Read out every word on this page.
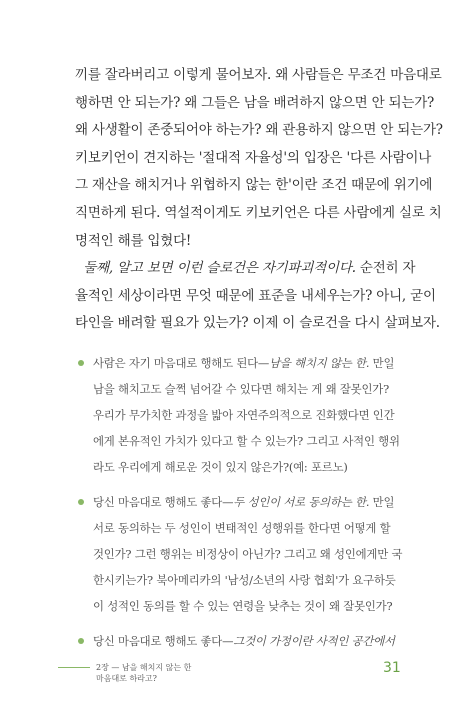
끼를 잘라버리고 이렇게 물어보자. 왜 사람들은 무조건 마음대로
행하면 안 되는가? 왜 그들은 남을 배려하지 않으면 안 되는가?
왜 사생활이 존중되어야 하는가? 왜 관용하지 않으면 안 되는가?
키보키언이 견지하는 '절대적 자율성'의 입장은 '다른 사람이나
그 재산을 해치거나 위협하지 않는 한'이란 조건 때문에 위기에
직면하게 된다. 역설적이게도 키보키언은 다른 사람에게 실로 치
명적인 해를 입혔다!
둘째, 알고 보면 이런 슬로건은 자기파괴적이다. 순전히 자
율적인 세상이라면 무엇 때문에 표준을 내세우는가? 아니, 굳이
타인을 배려할 필요가 있는가? 이제 이 슬로건을 다시 살펴보자.
사람은 자기 마음대로 행해도 된다—남을 해치지 않는 한. 만일
남을 해치고도 슬쩍 넘어갈 수 있다면 해치는 게 왜 잘못인가?
우리가 무가치한 과정을 밟아 자연주의적으로 진화했다면 인간
에게 본유적인 가치가 있다고 할 수 있는가? 그리고 사적인 행위
라도 우리에게 해로운 것이 있지 않은가?(예: 포르노)
당신 마음대로 행해도 좋다—두 성인이 서로 동의하는 한. 만일
서로 동의하는 두 성인이 변태적인 성행위를 한다면 어떻게 할
것인가? 그런 행위는 비정상이 아닌가? 그리고 왜 성인에게만 국
한시키는가? 북아메리카의 '남성/소년의 사랑 협회'가 요구하듯
이 성적인 동의를 할 수 있는 연령을 낮추는 것이 왜 잘못인가?
당신 마음대로 행해도 좋다—그것이 가정이란 사적인 공간에서
2장 — 남을 해치지 않는 한
마음대로 하라고?
31
